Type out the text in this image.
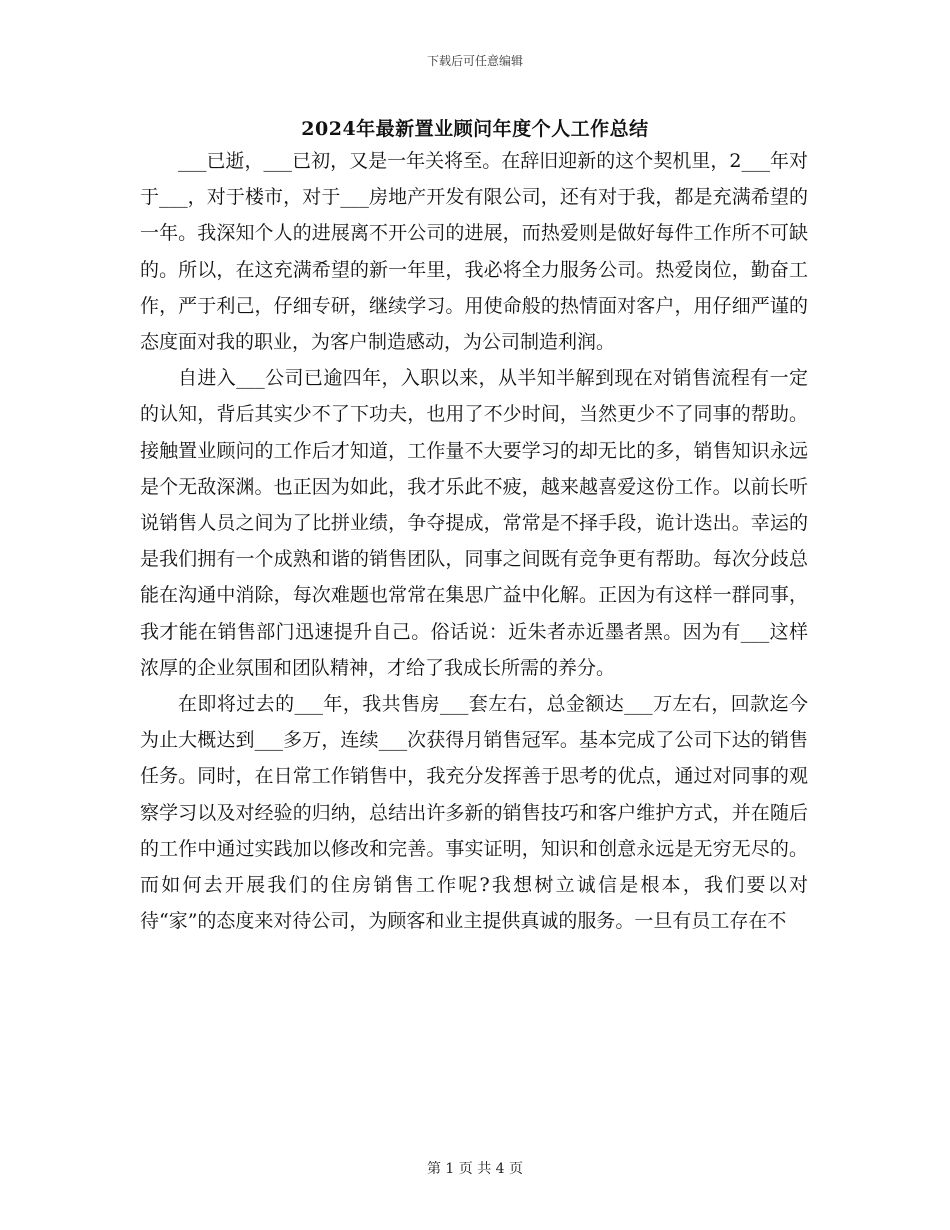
下载后可任意编辑
2024年最新置业顾问年度个人工作总结

___已逝，___已初，又是一年关将至。在辞旧迎新的这个契机里，2___年对于___，对于楼市，对于___房地产开发有限公司，还有对于我，都是充满希望的一年。我深知个人的进展离不开公司的进展，而热爱则是做好每件工作所不可缺的。所以，在这充满希望的新一年里，我必将全力服务公司。热爱岗位，勤奋工作，严于利己，仔细专研，继续学习。用使命般的热情面对客户，用仔细严谨的态度面对我的职业，为客户制造感动，为公司制造利润。

自进入___公司已逾四年，入职以来，从半知半解到现在对销售流程有一定的认知，背后其实少不了下功夫，也用了不少时间，当然更少不了同事的帮助。接触置业顾问的工作后才知道，工作量不大要学习的却无比的多，销售知识永远是个无敌深渊。也正因为如此，我才乐此不疲，越来越喜爱这份工作。以前长听说销售人员之间为了比拼业绩，争夺提成，常常是不择手段，诡计迭出。幸运的是我们拥有一个成熟和谐的销售团队，同事之间既有竞争更有帮助。每次分歧总能在沟通中消除，每次难题也常常在集思广益中化解。正因为有这样一群同事，我才能在销售部门迅速提升自己。俗话说：近朱者赤近墨者黑。因为有___这样浓厚的企业氛围和团队精神，才给了我成长所需的养分。

在即将过去的___年，我共售房___套左右，总金额达___万左右，回款迄今为止大概达到___多万，连续___次获得月销售冠军。基本完成了公司下达的销售任务。同时，在日常工作销售中，我充分发挥善于思考的优点，通过对同事的观察学习以及对经验的归纳，总结出许多新的销售技巧和客户维护方式，并在随后的工作中通过实践加以修改和完善。事实证明，知识和创意永远是无穷无尽的。而如何去开展我们的住房销售工作呢?我想树立诚信是根本，我们要以对待“家”的态度来对待公司，为顾客和业主提供真诚的服务。一旦有员工存在不

第 1 页 共 4 页
